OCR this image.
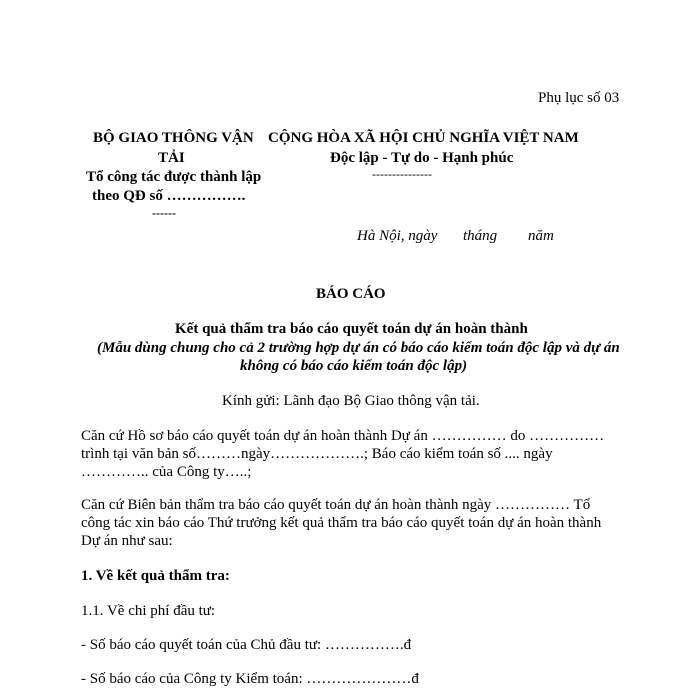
Phụ lục số 03

BỘ GIAO THÔNG VẬN

TẢI

Tổ công tác được thành lập

theo QĐ số …………….

------

CỘNG HÒA XÃ HỘI CHỦ NGHĨA VIỆT NAM

Độc lập - Tự do - Hạnh phúc

---------------

Hà Nội, ngày tháng năm

BÁO CÁO

Kết quả thẩm tra báo cáo quyết toán dự án hoàn thành

(Mẫu dùng chung cho cả 2 trường hợp dự án có báo cáo kiểm toán độc lập và dự án

không có báo cáo kiểm toán độc lập)

Kính gửi: Lãnh đạo Bộ Giao thông vận tải.

Căn cứ Hồ sơ báo cáo quyết toán dự án hoàn thành Dự án …………… do ……………

trình tại văn bản số………ngày……………….; Báo cáo kiểm toán số .... ngày

………….. của Công ty…..;

Căn cứ Biên bản thẩm tra báo cáo quyết toán dự án hoàn thành ngày …………… Tổ

công tác xin báo cáo Thứ trưởng kết quả thẩm tra báo cáo quyết toán dự án hoàn thành

Dự án như sau:

1. Về kết quả thẩm tra:

1.1. Về chi phí đầu tư:

- Số báo cáo quyết toán của Chủ đầu tư: …………….đ

- Số báo cáo của Công ty Kiểm toán: …………………đ
